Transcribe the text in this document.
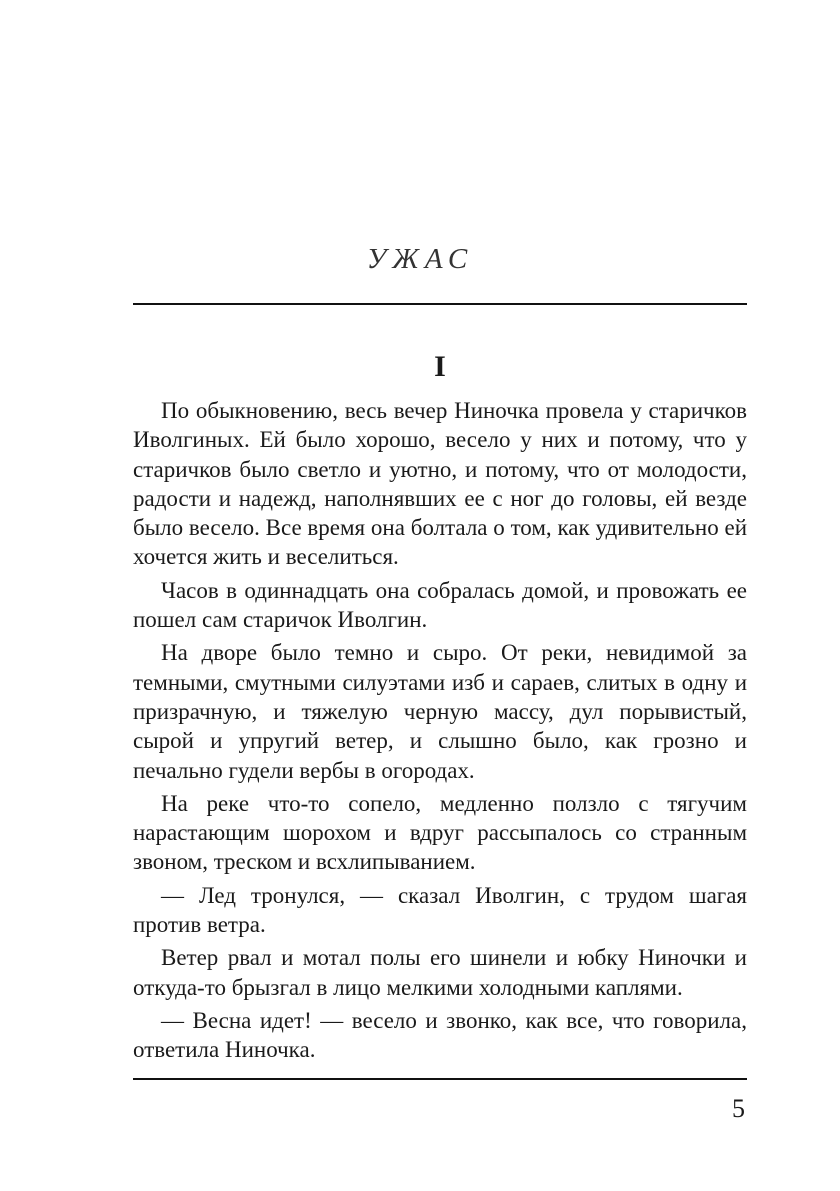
УЖАС
I

По обыкновению, весь вечер Ниночка провела у старичков Иволгиных. Ей было хорошо, весело у них и потому, что у старичков было светло и уютно, и потому, что от молодости, радости и надежд, наполнявших ее с ног до головы, ей везде было весело. Все время она болтала о том, как удивительно ей хочется жить и веселиться.

Часов в одиннадцать она собралась домой, и провожать ее пошел сам старичок Иволгин.

На дворе было темно и сыро. От реки, невидимой за темными, смутными силуэтами изб и сараев, слитых в одну и призрачную, и тяжелую черную массу, дул порывистый, сырой и упругий ветер, и слышно было, как грозно и печально гудели вербы в огородах.

На реке что-то сопело, медленно ползло с тягучим нарастающим шорохом и вдруг рассыпалось со странным звоном, треском и всхлипыванием.

— Лед тронулся, — сказал Иволгин, с трудом шагая против ветра.

Ветер рвал и мотал полы его шинели и юбку Ниночки и откуда-то брызгал в лицо мелкими холодными каплями.

— Весна идет! — весело и звонко, как все, что говорила, ответила Ниночка.

5
